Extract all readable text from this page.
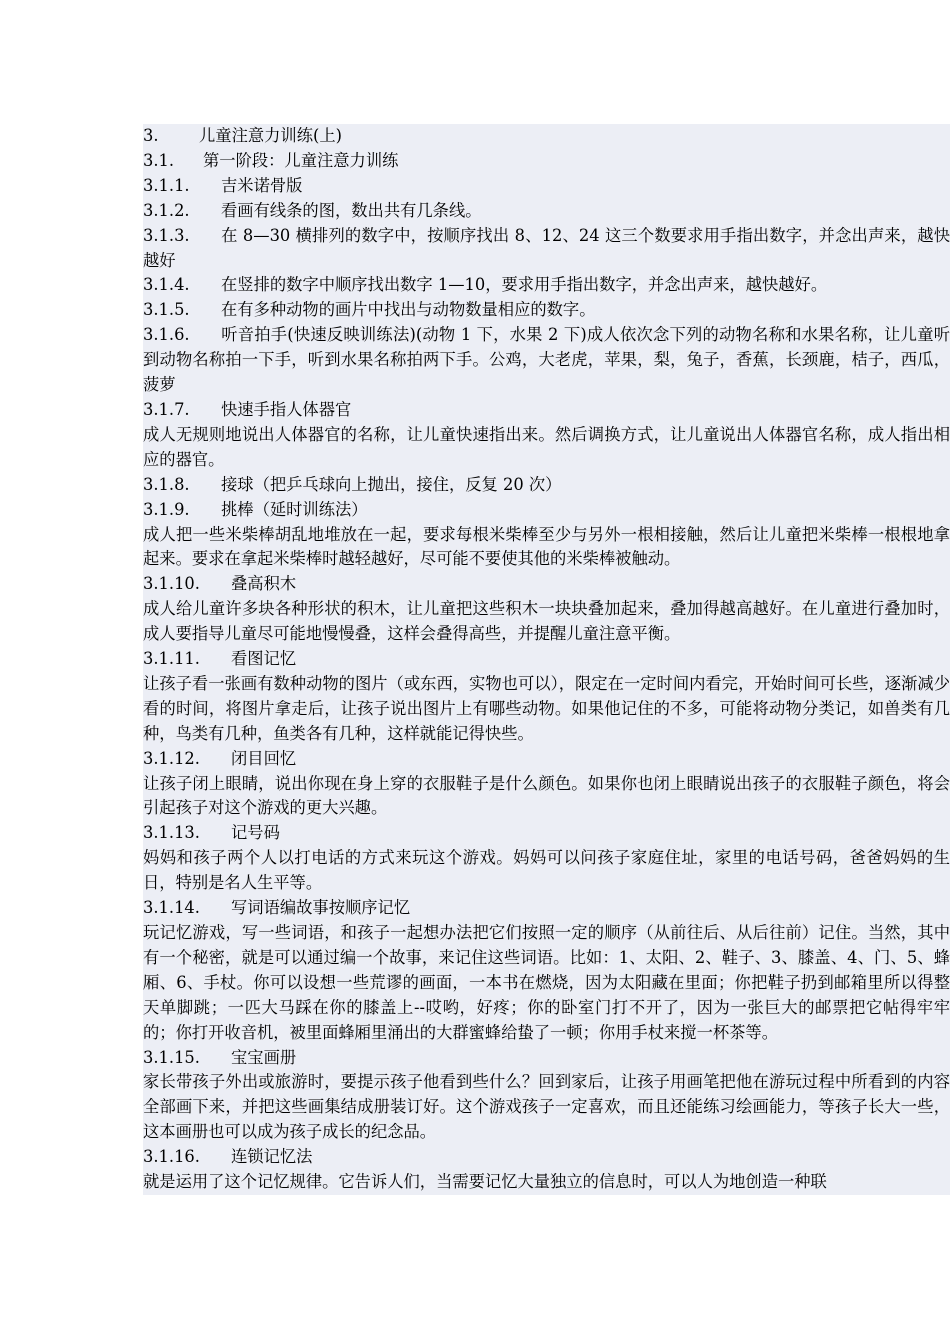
3. 儿童注意力训练(上)
3.1. 第一阶段：儿童注意力训练
3.1.1. 吉米诺骨版
3.1.2. 看画有线条的图，数出共有几条线。
3.1.3. 在 8—30 横排列的数字中，按顺序找出 8、12、24 这三个数要求用手指出数字，并念出声来，越快越好
3.1.4. 在竖排的数字中顺序找出数字 1—10，要求用手指出数字，并念出声来，越快越好。
3.1.5. 在有多种动物的画片中找出与动物数量相应的数字。
3.1.6. 听音拍手(快速反映训练法)(动物 1 下，水果 2 下)成人依次念下列的动物名称和水果名称，让儿童听到动物名称拍一下手，听到水果名称拍两下手。公鸡，大老虎，苹果，梨，兔子，香蕉，长颈鹿，桔子，西瓜，菠萝
3.1.7. 快速手指人体器官
成人无规则地说出人体器官的名称，让儿童快速指出来。然后调换方式，让儿童说出人体器官名称，成人指出相应的器官。
3.1.8. 接球（把乒乓球向上抛出，接住，反复 20 次）
3.1.9. 挑棒（延时训练法）
成人把一些米柴棒胡乱地堆放在一起，要求每根米柴棒至少与另外一根相接触，然后让儿童把米柴棒一根根地拿起来。要求在拿起米柴棒时越轻越好，尽可能不要使其他的米柴棒被触动。
3.1.10. 叠高积木
成人给儿童许多块各种形状的积木，让儿童把这些积木一块块叠加起来，叠加得越高越好。在儿童进行叠加时，成人要指导儿童尽可能地慢慢叠，这样会叠得高些，并提醒儿童注意平衡。
3.1.11. 看图记忆
让孩子看一张画有数种动物的图片（或东西，实物也可以），限定在一定时间内看完，开始时间可长些，逐渐减少看的时间，将图片拿走后，让孩子说出图片上有哪些动物。如果他记住的不多，可能将动物分类记，如兽类有几种，鸟类有几种，鱼类各有几种，这样就能记得快些。
3.1.12. 闭目回忆
让孩子闭上眼睛，说出你现在身上穿的衣服鞋子是什么颜色。如果你也闭上眼睛说出孩子的衣服鞋子颜色，将会引起孩子对这个游戏的更大兴趣。
3.1.13. 记号码
妈妈和孩子两个人以打电话的方式来玩这个游戏。妈妈可以问孩子家庭住址，家里的电话号码，爸爸妈妈的生日，特别是名人生平等。
3.1.14. 写词语编故事按顺序记忆
玩记忆游戏，写一些词语，和孩子一起想办法把它们按照一定的顺序（从前往后、从后往前）记住。当然，其中有一个秘密，就是可以通过编一个故事，来记住这些词语。比如：1、太阳、2、鞋子、3、膝盖、4、门、5、蜂厢、6、手杖。你可以设想一些荒谬的画面，一本书在燃烧，因为太阳藏在里面；你把鞋子扔到邮箱里所以得整天单脚跳；一匹大马踩在你的膝盖上--哎哟，好疼；你的卧室门打不开了，因为一张巨大的邮票把它帖得牢牢的；你打开收音机，被里面蜂厢里涌出的大群蜜蜂给蛰了一顿；你用手杖来搅一杯茶等。
3.1.15. 宝宝画册
家长带孩子外出或旅游时，要提示孩子他看到些什么？回到家后，让孩子用画笔把他在游玩过程中所看到的内容全部画下来，并把这些画集结成册装订好。这个游戏孩子一定喜欢，而且还能练习绘画能力，等孩子长大一些，这本画册也可以成为孩子成长的纪念品。
3.1.16. 连锁记忆法
就是运用了这个记忆规律。它告诉人们，当需要记忆大量独立的信息时，可以人为地创造一种联
